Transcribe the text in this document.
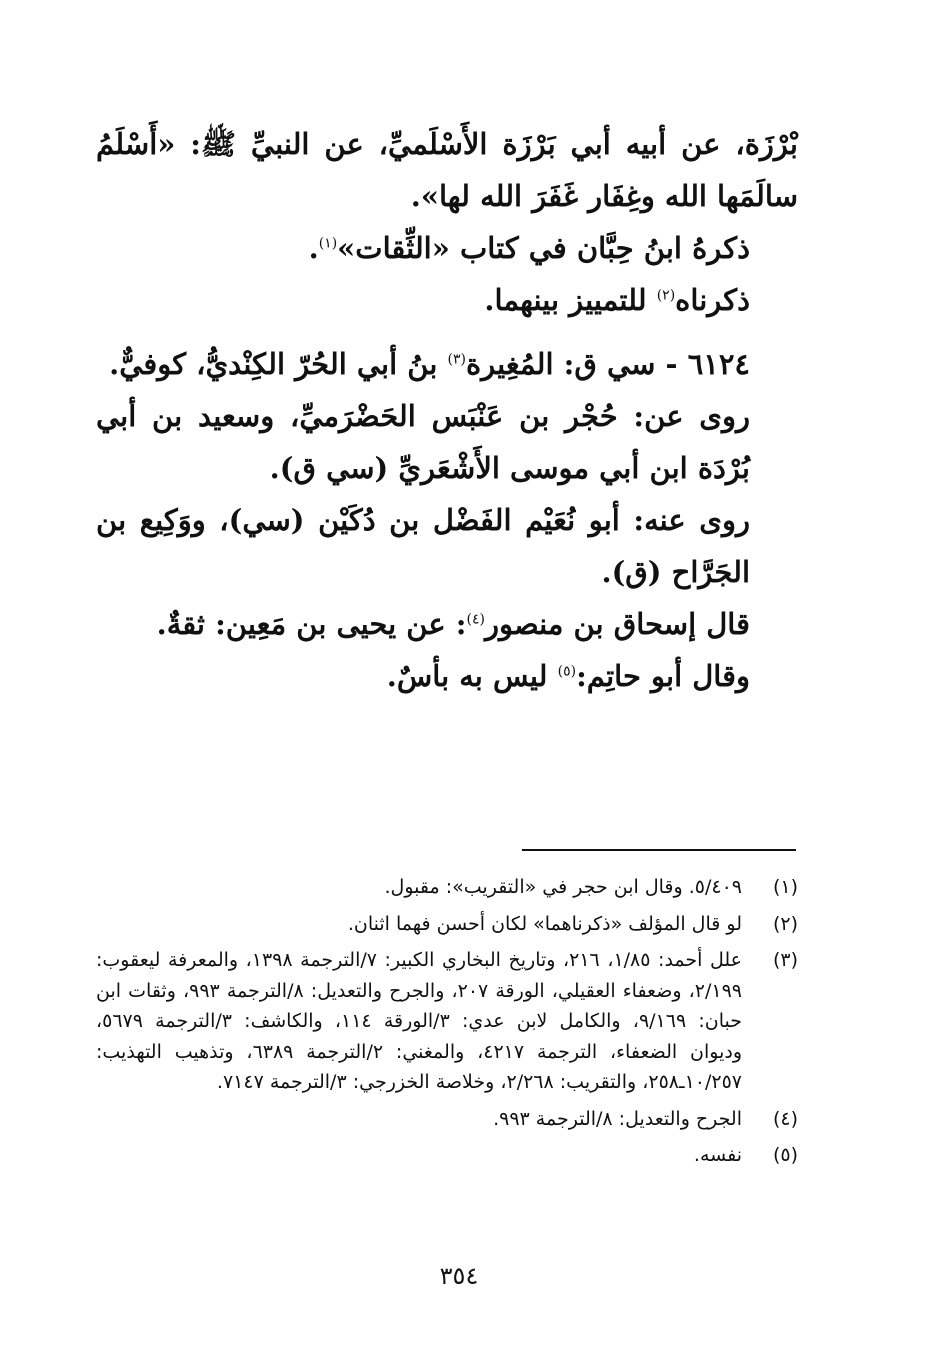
بْرْزَة، عن أبيه أبي بَرْزَة الأَسْلَميِّ، عن النبيِّ ﷺ: «أَسْلَمُ سالَمَها الله وغِفَار غَفَرَ الله لها».

ذكرهُ ابنُ حِبَّان في كتاب «الثِّقات»$^{(١)}$.

ذكرناه$^{(٢)}$ للتمييز بينهما.

٦١٢٤ - سي ق: المُغِيرة$^{(٣)}$ بنُ أبي الحُرّ الكِنْديُّ، كوفيٌّ.

روى عن: حُجْر بن عَنْبَس الحَضْرَميِّ، وسعيد بن أبي بُرْدَة ابن أبي موسى الأَشْعَريِّ (سي ق).

روى عنه: أبو نُعَيْم الفَضْل بن دُكَيْن (سي)، ووَكِيع بن الجَرَّاح (ق).

قال إسحاق بن منصور$^{(٤)}$: عن يحيى بن مَعِين: ثقةٌ.

وقال أبو حاتِم:$^{(٥)}$ ليس به بأسٌ.

(١)
٥/٤٠٩. وقال ابن حجر في «التقريب»: مقبول.
(٢)
لو قال المؤلف «ذكرناهما» لكان أحسن فهما اثنان.
(٣)
علل أحمد: ١/٨٥، ٢١٦، وتاريخ البخاري الكبير: ٧/الترجمة ١٣٩٨، والمعرفة ليعقوب: ٢/١٩٩، وضعفاء العقيلي، الورقة ٢٠٧، والجرح والتعديل: ٨/الترجمة ٩٩٣، وثقات ابن حبان: ٩/١٦٩، والكامل لابن عدي: ٣/الورقة ١١٤، والكاشف: ٣/الترجمة ٥٦٧٩، وديوان الضعفاء، الترجمة ٤٢١٧، والمغني: ٢/الترجمة ٦٣٨٩، وتذهيب التهذيب: ١٠/٢٥٧ـ٢٥٨، والتقريب: ٢/٢٦٨، وخلاصة الخزرجي: ٣/الترجمة ٧١٤٧.
(٤)
الجرح والتعديل: ٨/الترجمة ٩٩٣.
(٥)
نفسه.
٣٥٤
